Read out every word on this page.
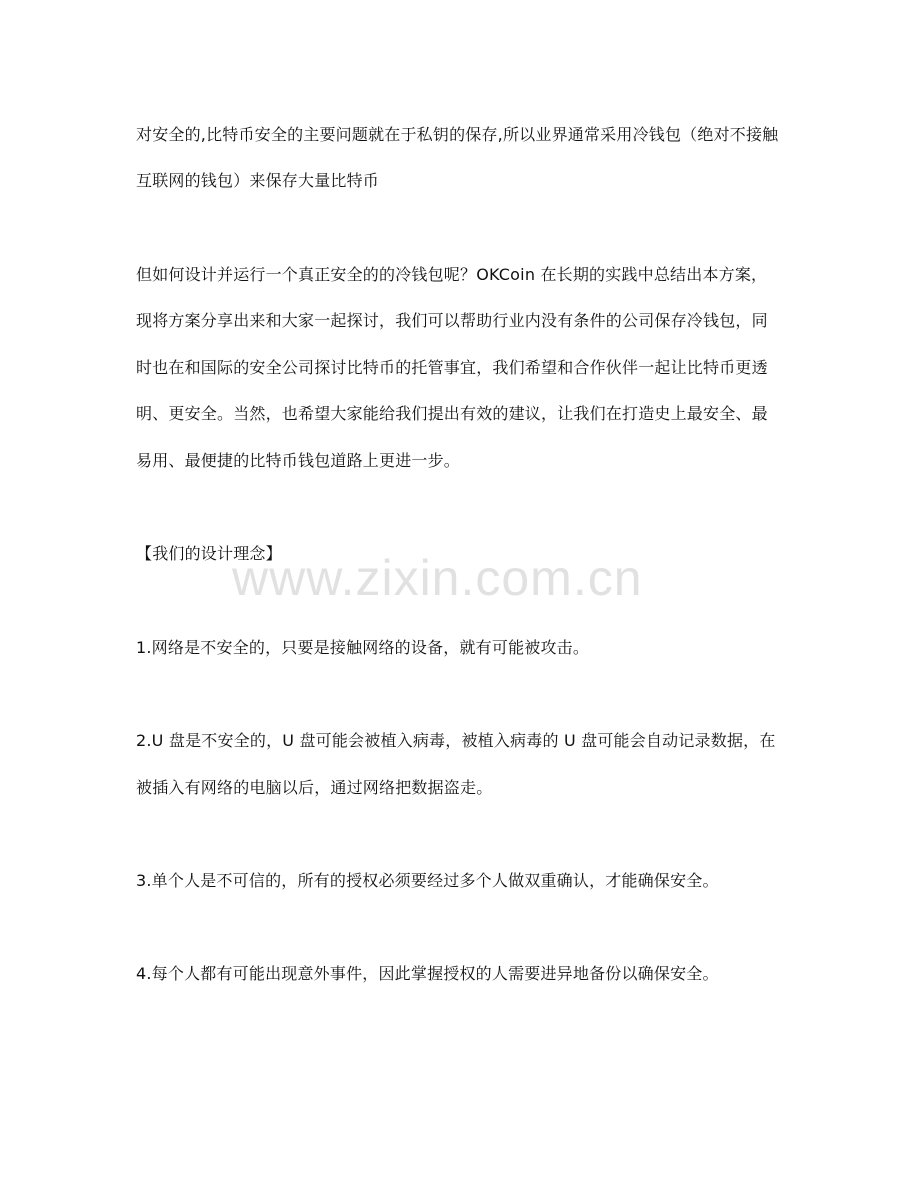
对安全的,比特币安全的主要问题就在于私钥的保存,所以业界通常采用冷钱包（绝对不接触
互联网的钱包）来保存大量比特币
但如何设计并运行一个真正安全的的冷钱包呢？OKCoin 在长期的实践中总结出本方案，
现将方案分享出来和大家一起探讨，我们可以帮助行业内没有条件的公司保存冷钱包，同
时也在和国际的安全公司探讨比特币的托管事宜，我们希望和合作伙伴一起让比特币更透
明、更安全。当然，也希望大家能给我们提出有效的建议，让我们在打造史上最安全、最
易用、最便捷的比特币钱包道路上更进一步。
【我们的设计理念】
1.网络是不安全的，只要是接触网络的设备，就有可能被攻击。
2.U 盘是不安全的，U 盘可能会被植入病毒，被植入病毒的 U 盘可能会自动记录数据，在
被插入有网络的电脑以后，通过网络把数据盗走。
3.单个人是不可信的，所有的授权必须要经过多个人做双重确认，才能确保安全。
4.每个人都有可能出现意外事件，因此掌握授权的人需要进异地备份以确保安全。
www.zixin.com.cn
